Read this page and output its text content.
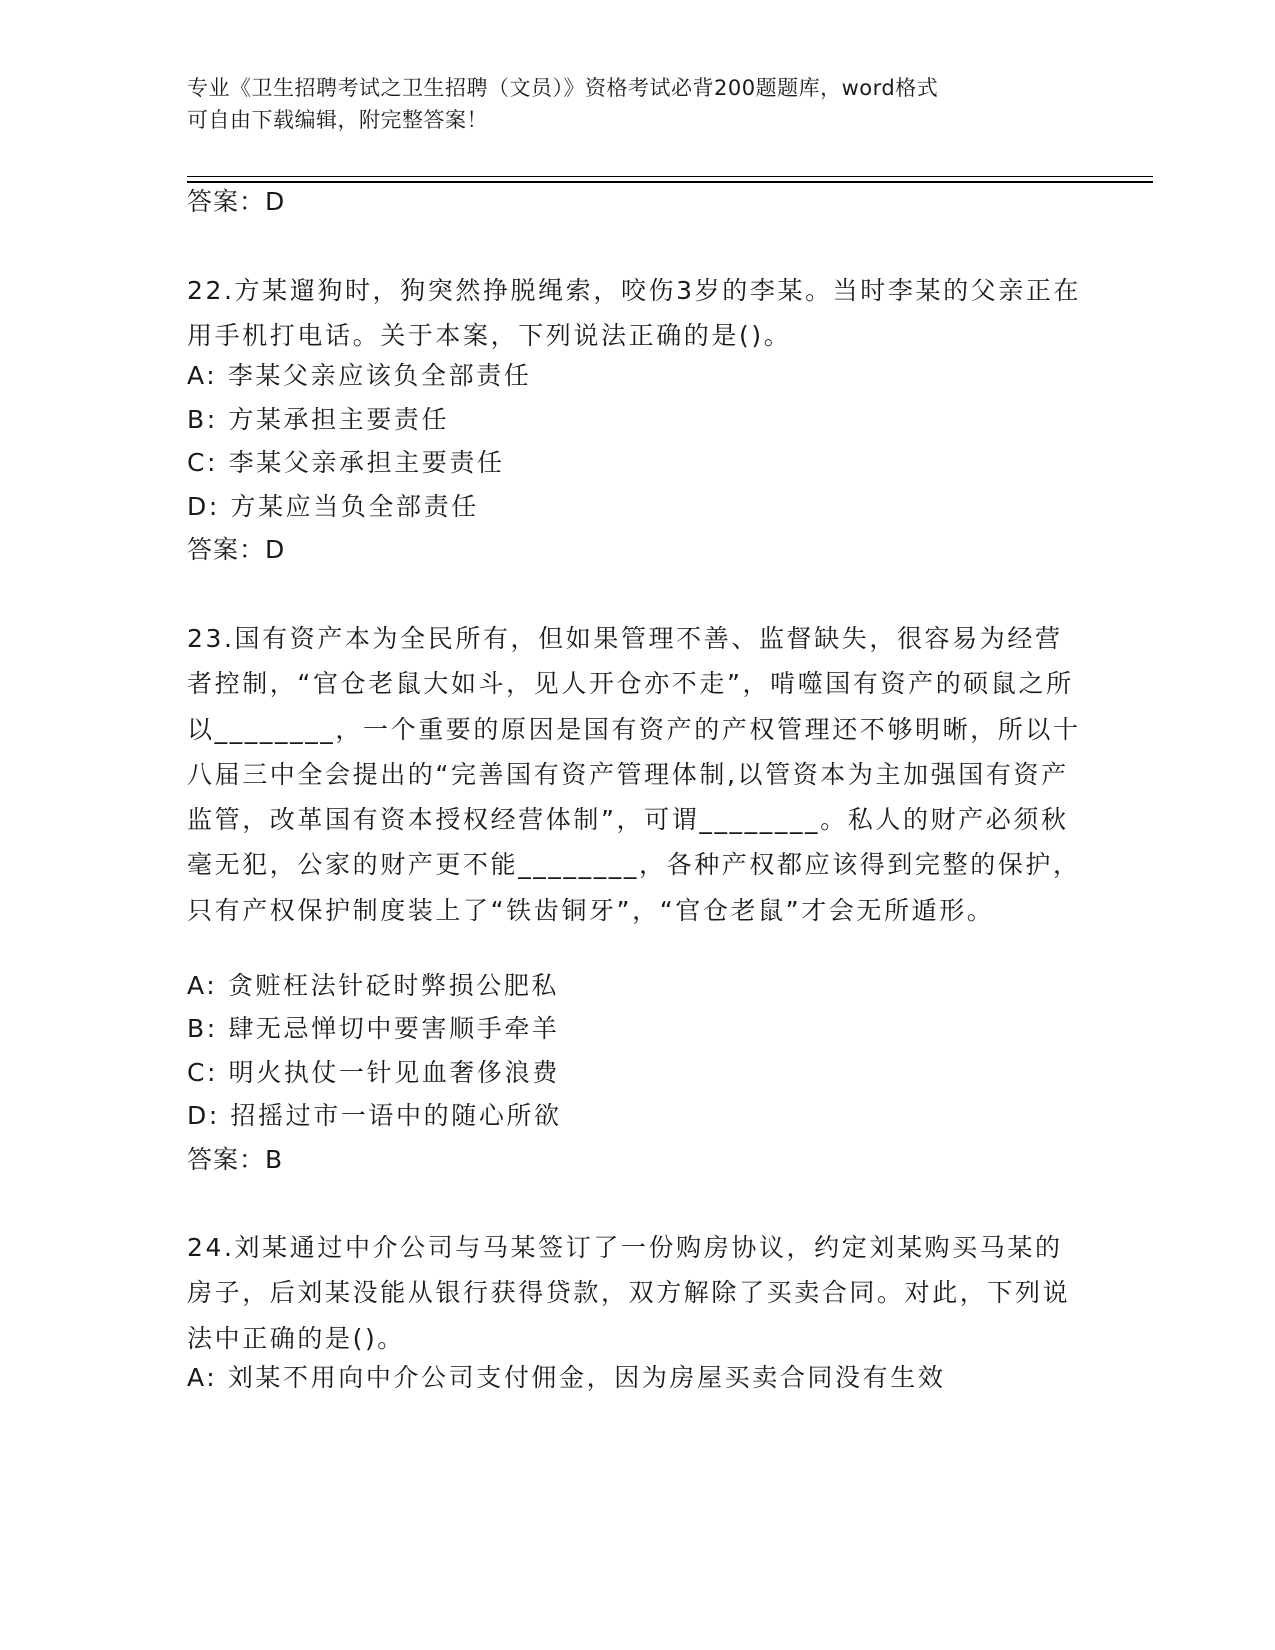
专业《卫生招聘考试之卫生招聘（文员）》资格考试必背200题题库，word格式
可自由下载编辑，附完整答案！
答案：D
22.方某遛狗时，狗突然挣脱绳索，咬伤3岁的李某。当时李某的父亲正在用手机打电话。关于本案，下列说法正确的是()。
A: 李某父亲应该负全部责任
B: 方某承担主要责任
C: 李某父亲承担主要责任
D: 方某应当负全部责任
答案：D
23.国有资产本为全民所有，但如果管理不善、监督缺失，很容易为经营者控制，“官仓老鼠大如斗，见人开仓亦不走”，啃噬国有资产的硕鼠之所以________，一个重要的原因是国有资产的产权管理还不够明晰，所以十八届三中全会提出的“完善国有资产管理体制,以管资本为主加强国有资产监管，改革国有资本授权经营体制”，可谓________。私人的财产必须秋毫无犯，公家的财产更不能________，各种产权都应该得到完整的保护，只有产权保护制度装上了“铁齿铜牙”，“官仓老鼠”才会无所遁形。
A: 贪赃枉法针砭时弊损公肥私
B: 肆无忌惮切中要害顺手牵羊
C: 明火执仗一针见血奢侈浪费
D: 招摇过市一语中的随心所欲
答案：B
24.刘某通过中介公司与马某签订了一份购房协议，约定刘某购买马某的房子，后刘某没能从银行获得贷款，双方解除了买卖合同。对此，下列说法中正确的是()。
A: 刘某不用向中介公司支付佣金，因为房屋买卖合同没有生效
